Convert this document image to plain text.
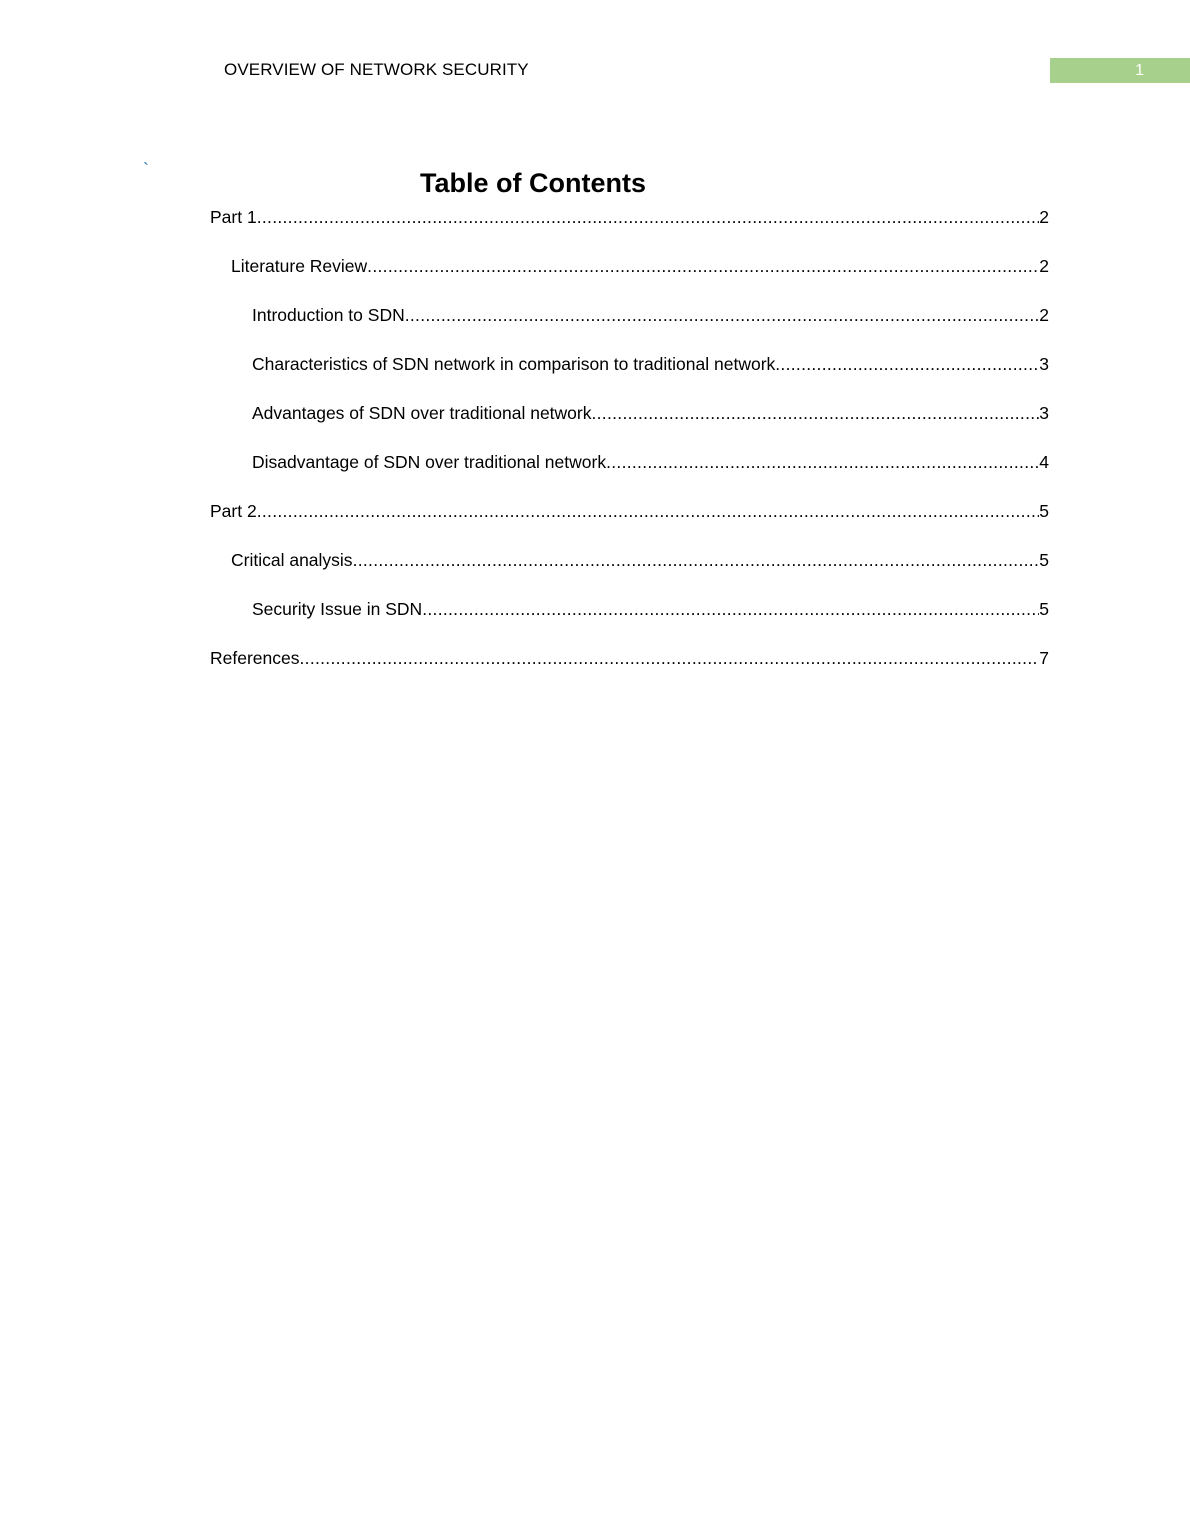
OVERVIEW OF NETWORK SECURITY	1
`	Table of Contents
Part 1 .....	2
Literature Review .....	2
Introduction to SDN .....	2
Characteristics of SDN network in comparison to traditional network .....	3
Advantages of SDN over traditional network .....	3
Disadvantage of SDN over traditional network .....	4
Part 2 .....	5
Critical analysis .....	5
Security Issue in SDN .....	5
References .....	7
